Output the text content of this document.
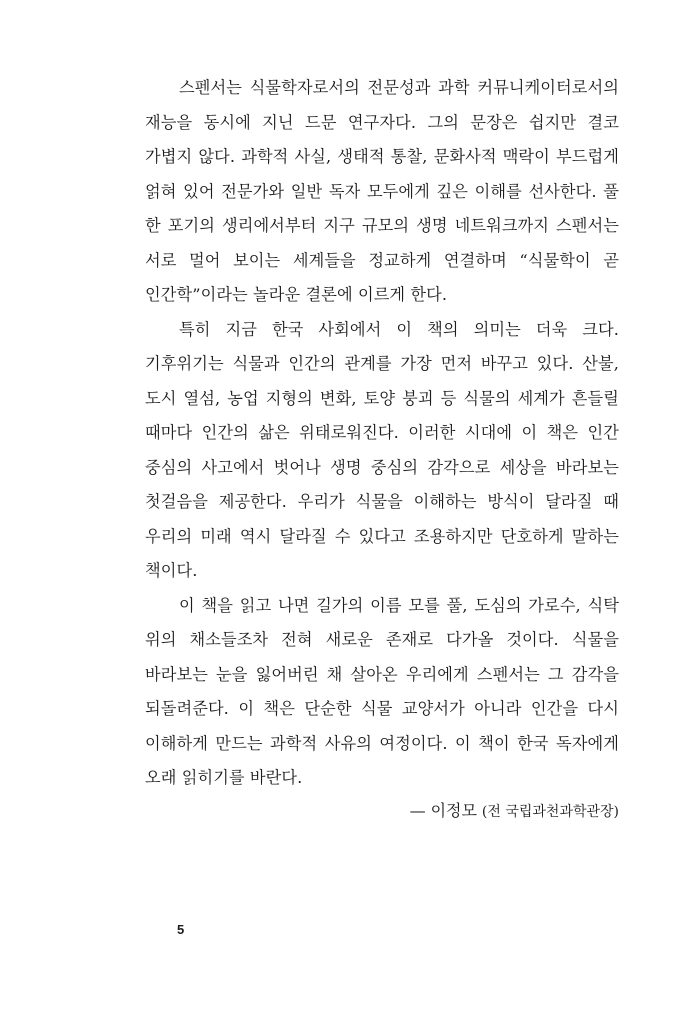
스펜서는 식물학자로서의 전문성과 과학 커뮤니케이터로서의 재능을 동시에 지닌 드문 연구자다. 그의 문장은 쉽지만 결코 가볍지 않다. 과학적 사실, 생태적 통찰, 문화사적 맥락이 부드럽게 얽혀 있어 전문가와 일반 독자 모두에게 깊은 이해를 선사한다. 풀 한 포기의 생리에서부터 지구 규모의 생명 네트워크까지 스펜서는 서로 멀어 보이는 세계들을 정교하게 연결하며 “식물학이 곧 인간학”이라는 놀라운 결론에 이르게 한다.

특히 지금 한국 사회에서 이 책의 의미는 더욱 크다. 기후위기는 식물과 인간의 관계를 가장 먼저 바꾸고 있다. 산불, 도시 열섬, 농업 지형의 변화, 토양 붕괴 등 식물의 세계가 흔들릴 때마다 인간의 삶은 위태로워진다. 이러한 시대에 이 책은 인간 중심의 사고에서 벗어나 생명 중심의 감각으로 세상을 바라보는 첫걸음을 제공한다. 우리가 식물을 이해하는 방식이 달라질 때 우리의 미래 역시 달라질 수 있다고 조용하지만 단호하게 말하는 책이다.

이 책을 읽고 나면 길가의 이름 모를 풀, 도심의 가로수, 식탁 위의 채소들조차 전혀 새로운 존재로 다가올 것이다. 식물을 바라보는 눈을 잃어버린 채 살아온 우리에게 스펜서는 그 감각을 되돌려준다. 이 책은 단순한 식물 교양서가 아니라 인간을 다시 이해하게 만드는 과학적 사유의 여정이다. 이 책이 한국 독자에게 오래 읽히기를 바란다.

— 이정모 (전 국립과천과학관장)
5
